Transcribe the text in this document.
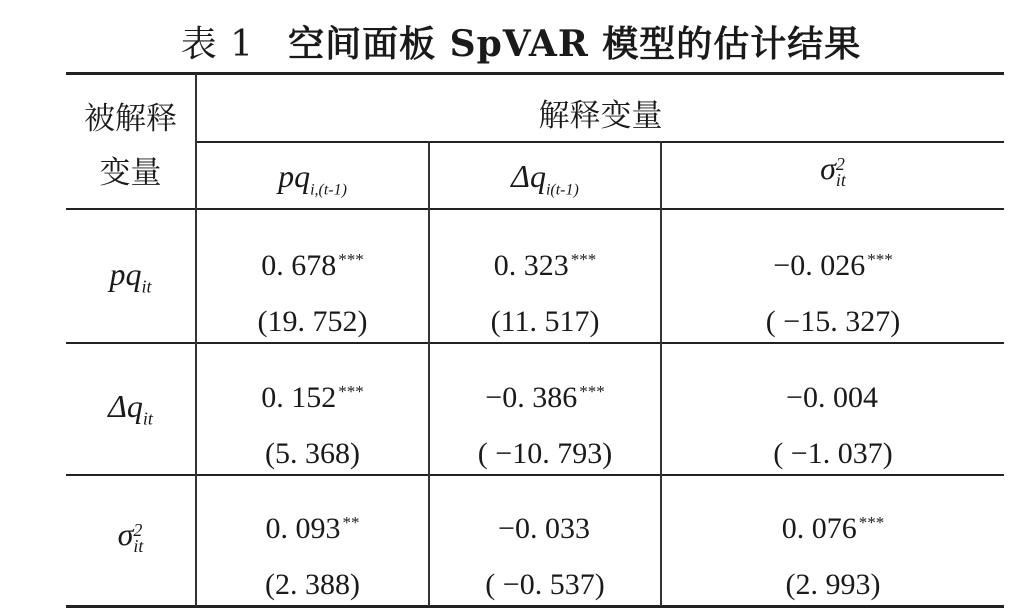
表 1 空间面板 SpVAR 模型的估计结果
被解释
变量
解释变量
$pq_{i,(t-1)}$	$\Delta q_{i(t-1)}$
σ 2
it
$pq_{it}$
0. 678 ***
(19. 752)
0. 323 ***
(11. 517)
−0. 026 ***
( −15. 327)
$\Delta q_{it}$
0. 152 ***
(5. 368)
−0. 386 ***
( −10. 793)
−0. 004
( −1. 037)
σ 2
it
0. 093 **
(2. 388)
−0. 033
( −0. 537)
0. 076 ***
(2. 993)
